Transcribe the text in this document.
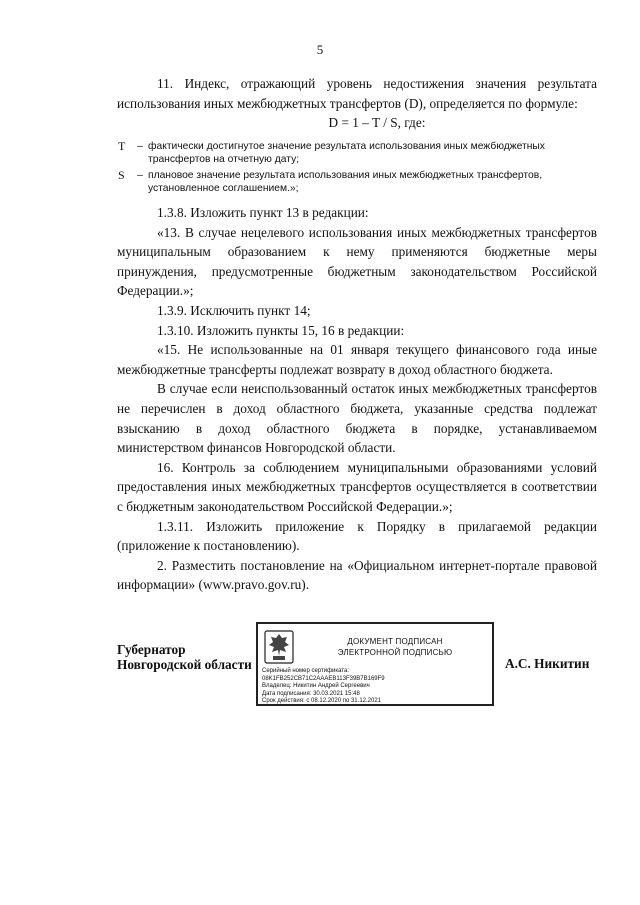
5

11. Индекс, отражающий уровень недостижения значения результата использования иных межбюджетных трансфертов (D), определяется по формуле:

D = 1 – T / S, где:

T	– фактически достигнутое значение результата использования иных межбюджетных трансфертов на отчетную дату;
S	– плановое значение результата использования иных межбюджетных трансфертов, установленное соглашением.»;

1.3.8. Изложить пункт 13 в редакции:

«13. В случае нецелевого использования иных межбюджетных трансфертов муниципальным образованием к нему применяются бюджетные меры принуждения, предусмотренные бюджетным законодательством Российской Федерации.»;

1.3.9. Исключить пункт 14;

1.3.10. Изложить пункты 15, 16 в редакции:

«15. Не использованные на 01 января текущего финансового года иные межбюджетные трансферты подлежат возврату в доход областного бюджета.

В случае если неиспользованный остаток иных межбюджетных трансфертов не перечислен в доход областного бюджета, указанные средства подлежат взысканию в доход областного бюджета в порядке, устанавливаемом министерством финансов Новгородской области.

16. Контроль за соблюдением муниципальными образованиями условий предоставления иных межбюджетных трансфертов осуществляется в соответствии с бюджетным законодательством Российской Федерации.»;

1.3.11. Изложить приложение к Порядку в прилагаемой редакции (приложение к постановлению).

2. Разместить постановление на «Официальном интернет-портале правовой информации» (www.pravo.gov.ru).

Губернатор
Новгородской области
ДОКУМЕНТ ПОДПИСАН
ЭЛЕКТРОННОЙ ПОДПИСЬЮ
Серийный номер сертификата:
08K1FB252CB71C2AAAEB113F39B7B169F9
Владелец: Никитин Андрей Сергеевич
Дата подписания: 30.03.2021 15:48
Срок действия: с 08.12.2020 по 31.12.2021
А.С. Никитин
